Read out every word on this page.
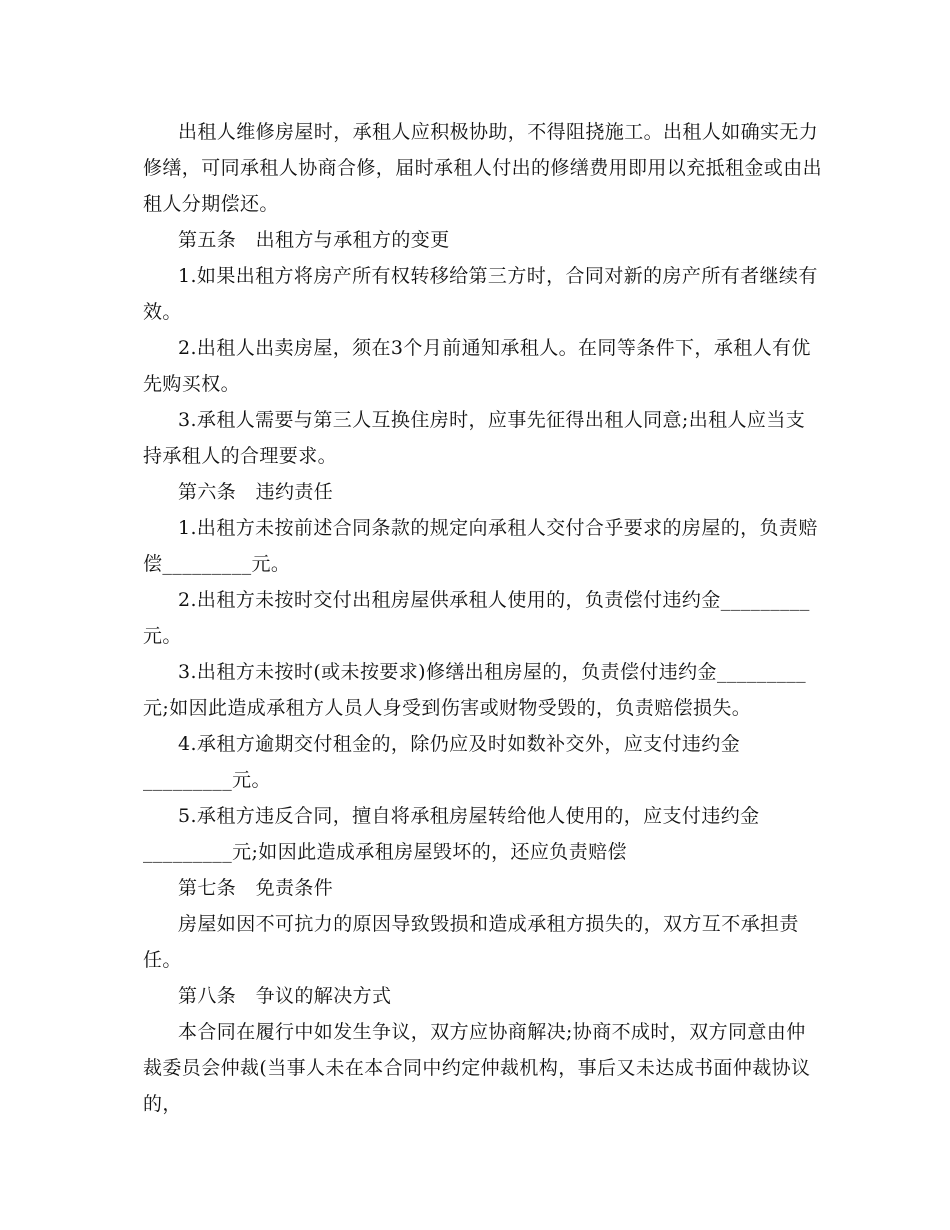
出租人维修房屋时，承租人应积极协助，不得阻挠施工。出租人如确实无力修缮，可同承租人协商合修，届时承租人付出的修缮费用即用以充抵租金或由出租人分期偿还。

第五条　出租方与承租方的变更

1.如果出租方将房产所有权转移给第三方时，合同对新的房产所有者继续有效。

2.出租人出卖房屋，须在3个月前通知承租人。在同等条件下，承租人有优先购买权。

3.承租人需要与第三人互换住房时，应事先征得出租人同意;出租人应当支持承租人的合理要求。

第六条　违约责任

1.出租方未按前述合同条款的规定向承租人交付合乎要求的房屋的，负责赔偿_________元。

2.出租方未按时交付出租房屋供承租人使用的，负责偿付违约金_________元。

3.出租方未按时(或未按要求)修缮出租房屋的，负责偿付违约金_________元;如因此造成承租方人员人身受到伤害或财物受毁的，负责赔偿损失。

4.承租方逾期交付租金的，除仍应及时如数补交外，应支付违约金_________元。

5.承租方违反合同，擅自将承租房屋转给他人使用的，应支付违约金_________元;如因此造成承租房屋毁坏的，还应负责赔偿

第七条　免责条件

房屋如因不可抗力的原因导致毁损和造成承租方损失的，双方互不承担责任。

第八条　争议的解决方式

本合同在履行中如发生争议，双方应协商解决;协商不成时，双方同意由仲裁委员会仲裁(当事人未在本合同中约定仲裁机构，事后又未达成书面仲裁协议的，
